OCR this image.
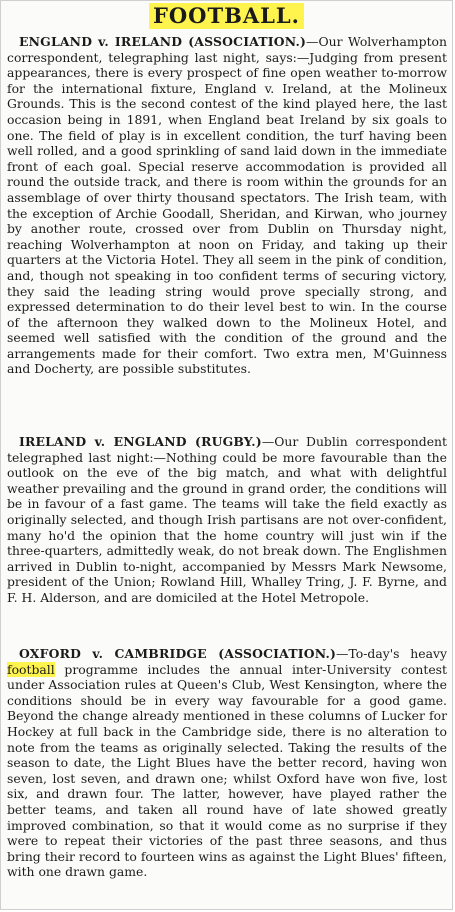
FOOTBALL.

ENGLAND v. IRELAND (ASSOCIATION.)—Our Wolverhampton correspondent, telegraphing last night, says:—Judging from present appearances, there is every prospect of fine open weather to-morrow for the international fixture, England v. Ireland, at the Molineux Grounds. This is the second contest of the kind played here, the last occasion being in 1891, when England beat Ireland by six goals to one. The field of play is in excellent condition, the turf having been well rolled, and a good sprinkling of sand laid down in the immediate front of each goal. Special reserve accommodation is provided all round the outside track, and there is room within the grounds for an assemblage of over thirty thousand spectators. The Irish team, with the exception of Archie Goodall, Sheridan, and Kirwan, who journey by another route, crossed over from Dublin on Thursday night, reaching Wolverhampton at noon on Friday, and taking up their quarters at the Victoria Hotel. They all seem in the pink of condition, and, though not speaking in too confident terms of securing victory, they said the leading string would prove specially strong, and expressed determination to do their level best to win. In the course of the afternoon they walked down to the Molineux Hotel, and seemed well satisfied with the condition of the ground and the arrangements made for their comfort. Two extra men, M'Guinness and Docherty, are possible substitutes.

IRELAND v. ENGLAND (RUGBY.)—Our Dublin correspondent telegraphed last night:—Nothing could be more favourable than the outlook on the eve of the big match, and what with delightful weather prevailing and the ground in grand order, the conditions will be in favour of a fast game. The teams will take the field exactly as originally selected, and though Irish partisans are not over-confident, many ho'd the opinion that the home country will just win if the three-quarters, admittedly weak, do not break down. The Englishmen arrived in Dublin to-night, accompanied by Messrs Mark Newsome, president of the Union; Rowland Hill, Whalley Tring, J. F. Byrne, and F. H. Alderson, and are domiciled at the Hotel Metropole.

OXFORD v. CAMBRIDGE (ASSOCIATION.)—To-day's heavy football programme includes the annual inter-University contest under Association rules at Queen's Club, West Kensington, where the conditions should be in every way favourable for a good game. Beyond the change already mentioned in these columns of Lucker for Hockey at full back in the Cambridge side, there is no alteration to note from the teams as originally selected. Taking the results of the season to date, the Light Blues have the better record, having won seven, lost seven, and drawn one; whilst Oxford have won five, lost six, and drawn four. The latter, however, have played rather the better teams, and taken all round have of late showed greatly improved combination, so that it would come as no surprise if they were to repeat their victories of the past three seasons, and thus bring their record to fourteen wins as against the Light Blues' fifteen, with one drawn game.
